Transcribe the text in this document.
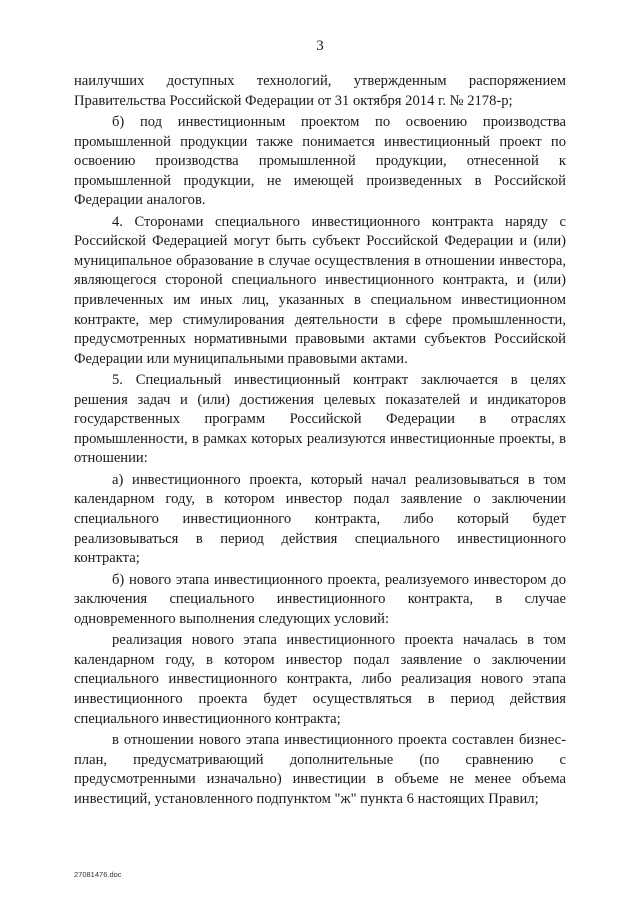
3

наилучших доступных технологий, утвержденным распоряжением Правительства Российской Федерации от 31 октября 2014 г. № 2178-р;

б) под инвестиционным проектом по освоению производства промышленной продукции также понимается инвестиционный проект по освоению производства промышленной продукции, отнесенной к промышленной продукции, не имеющей произведенных в Российской Федерации аналогов.

4. Сторонами специального инвестиционного контракта наряду с Российской Федерацией могут быть субъект Российской Федерации и (или) муниципальное образование в случае осуществления в отношении инвестора, являющегося стороной специального инвестиционного контракта, и (или) привлеченных им иных лиц, указанных в специальном инвестиционном контракте, мер стимулирования деятельности в сфере промышленности, предусмотренных нормативными правовыми актами субъектов Российской Федерации или муниципальными правовыми актами.

5. Специальный инвестиционный контракт заключается в целях решения задач и (или) достижения целевых показателей и индикаторов государственных программ Российской Федерации в отраслях промышленности, в рамках которых реализуются инвестиционные проекты, в отношении:

а) инвестиционного проекта, который начал реализовываться в том календарном году, в котором инвестор подал заявление о заключении специального инвестиционного контракта, либо который будет реализовываться в период действия специального инвестиционного контракта;

б) нового этапа инвестиционного проекта, реализуемого инвестором до заключения специального инвестиционного контракта, в случае одновременного выполнения следующих условий:

реализация нового этапа инвестиционного проекта началась в том календарном году, в котором инвестор подал заявление о заключении специального инвестиционного контракта, либо реализация нового этапа инвестиционного проекта будет осуществляться в период действия специального инвестиционного контракта;

в отношении нового этапа инвестиционного проекта составлен бизнес-план, предусматривающий дополнительные (по сравнению с предусмотренными изначально) инвестиции в объеме не менее объема инвестиций, установленного подпунктом "ж" пункта 6 настоящих Правил;

27081476.doc
